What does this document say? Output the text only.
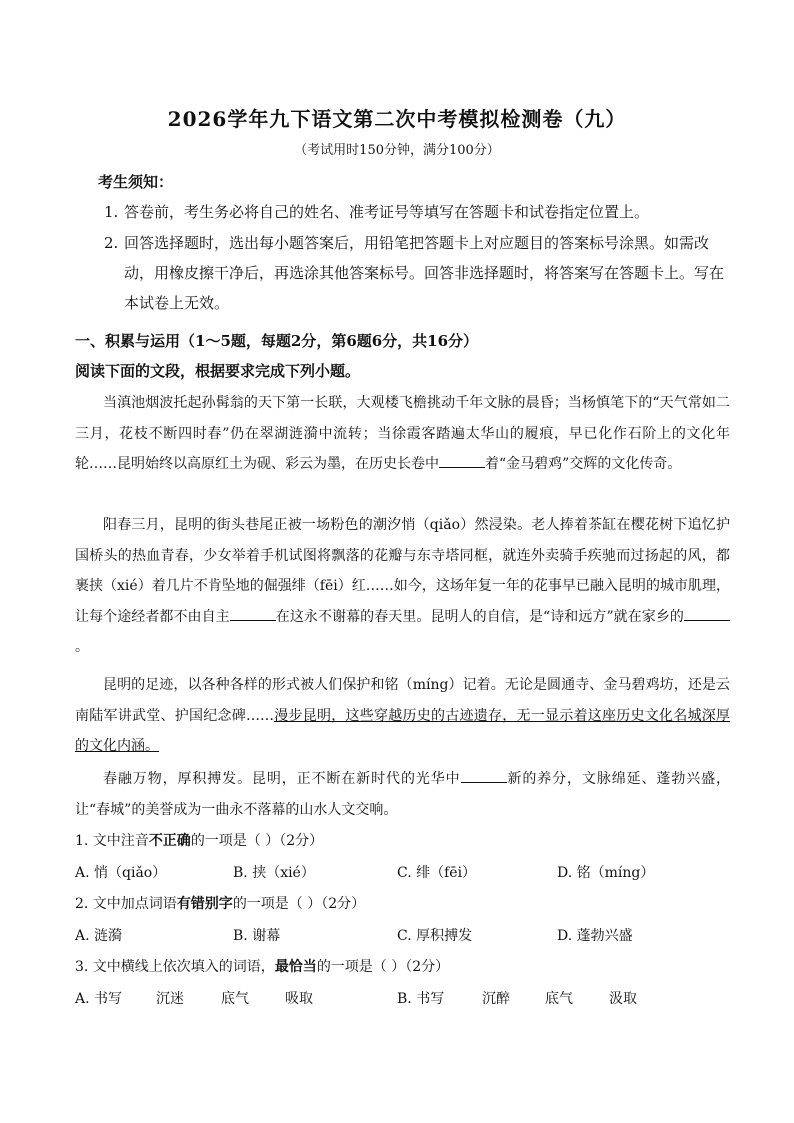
2026学年九下语文第二次中考模拟检测卷（九）
（考试用时150分钟，满分100分）
考生须知：
1. 答卷前，考生务必将自己的姓名、准考证号等填写在答题卡和试卷指定位置上。
2. 回答选择题时，选出每小题答案后，用铅笔把答题卡上对应题目的答案标号涂黑。如需改动，用橡皮擦干净后，再选涂其他答案标号。回答非选择题时，将答案写在答题卡上。写在本试卷上无效。
一、积累与运用（1～5题，每题2分，第6题6分，共16分）
阅读下面的文段，根据要求完成下列小题。
当滇池烟波托起孙髯翁的天下第一长联，大观楼飞檐挑动千年文脉的晨昏；当杨慎笔下的“天气常如二三月，花枝不断四时春”仍在翠湖涟漪中流转；当徐霞客踏遍太华山的履痕，早已化作石阶上的文化年轮……昆明始终以高原红土为砚、彩云为墨，在历史长卷中	着“金马碧鸡”交辉的文化传奇。
阳春三月，昆明的街头巷尾正被一场粉色的潮汐悄（qiǎo）然浸染。老人捧着茶缸在樱花树下追忆护国桥头的热血青春，少女举着手机试图将飘落的花瓣与东寺塔同框，就连外卖骑手疾驰而过扬起的风，都裹挟（xié）着几片不肯坠地的倔强绯（fēi）红……如今，这场年复一年的花事早已融入昆明的城市肌理，让每个途经者都不由自主	在这永不谢幕的春天里。昆明人的自信，是“诗和远方”就在家乡的。
昆明的足迹，以各种各样的形式被人们保护和铭（míng）记着。无论是圆通寺、金马碧鸡坊，还是云南陆军讲武堂、护国纪念碑……漫步昆明，这些穿越历史的古迹遗存，无一显示着这座历史文化名城深厚的文化内涵。
春融万物，厚积搏发。昆明，正不断在新时代的光华中	新的养分，文脉绵延、蓬勃兴盛，让“春城”的美誉成为一曲永不落幕的山水人文交响。
1. 文中注音不正确的一项是（ ）（2分）
A. 悄（qiǎo）	B. 挟（xié）	C. 绯（fēi）	D. 铭（míng）
2. 文中加点词语有错别字的一项是（ ）（2分）
A. 涟漪	B. 谢幕	C. 厚积搏发	D. 蓬勃兴盛
3. 文中横线上依次填入的词语，最恰当的一项是（ ）（2分）
A. 书写 沉迷	底气	吸取	B. 书写	沉醉	底气	汲取
